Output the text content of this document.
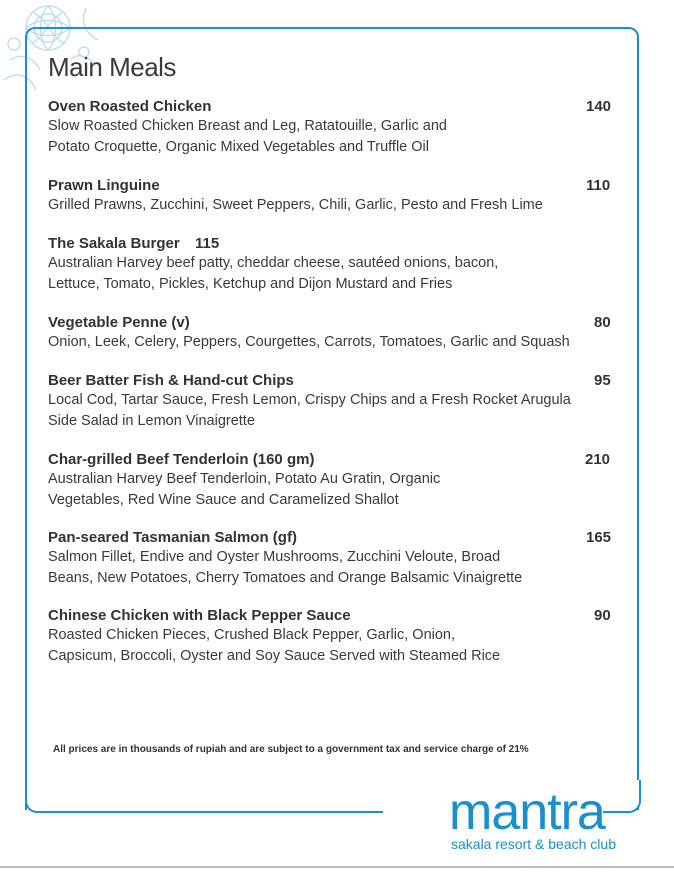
Main Meals
Oven Roasted Chicken	140
Slow Roasted Chicken Breast and Leg, Ratatouille, Garlic and
Potato Croquette, Organic Mixed Vegetables and Truffle Oil
Prawn Linguine	110
Grilled Prawns, Zucchini, Sweet Peppers, Chili, Garlic, Pesto and Fresh Lime
The Sakala Burger 115
Australian Harvey beef patty, cheddar cheese, sautéed onions, bacon,
Lettuce, Tomato, Pickles, Ketchup and Dijon Mustard and Fries
Vegetable Penne (v)	80
Onion, Leek, Celery, Peppers, Courgettes, Carrots, Tomatoes, Garlic and Squash
Beer Batter Fish & Hand-cut Chips	95
Local Cod, Tartar Sauce, Fresh Lemon, Crispy Chips and a Fresh Rocket Arugula
Side Salad in Lemon Vinaigrette
Char-grilled Beef Tenderloin (160 gm)	210
Australian Harvey Beef Tenderloin, Potato Au Gratin, Organic
Vegetables, Red Wine Sauce and Caramelized Shallot
Pan-seared Tasmanian Salmon (gf)	165
Salmon Fillet, Endive and Oyster Mushrooms, Zucchini Veloute, Broad
Beans, New Potatoes, Cherry Tomatoes and Orange Balsamic Vinaigrette
Chinese Chicken with Black Pepper Sauce	90
Roasted Chicken Pieces, Crushed Black Pepper, Garlic, Onion,
Capsicum, Broccoli, Oyster and Soy Sauce Served with Steamed Rice
All prices are in thousands of rupiah and are subject to a government tax and service charge of 21%
mantra
sakala resort & beach club
